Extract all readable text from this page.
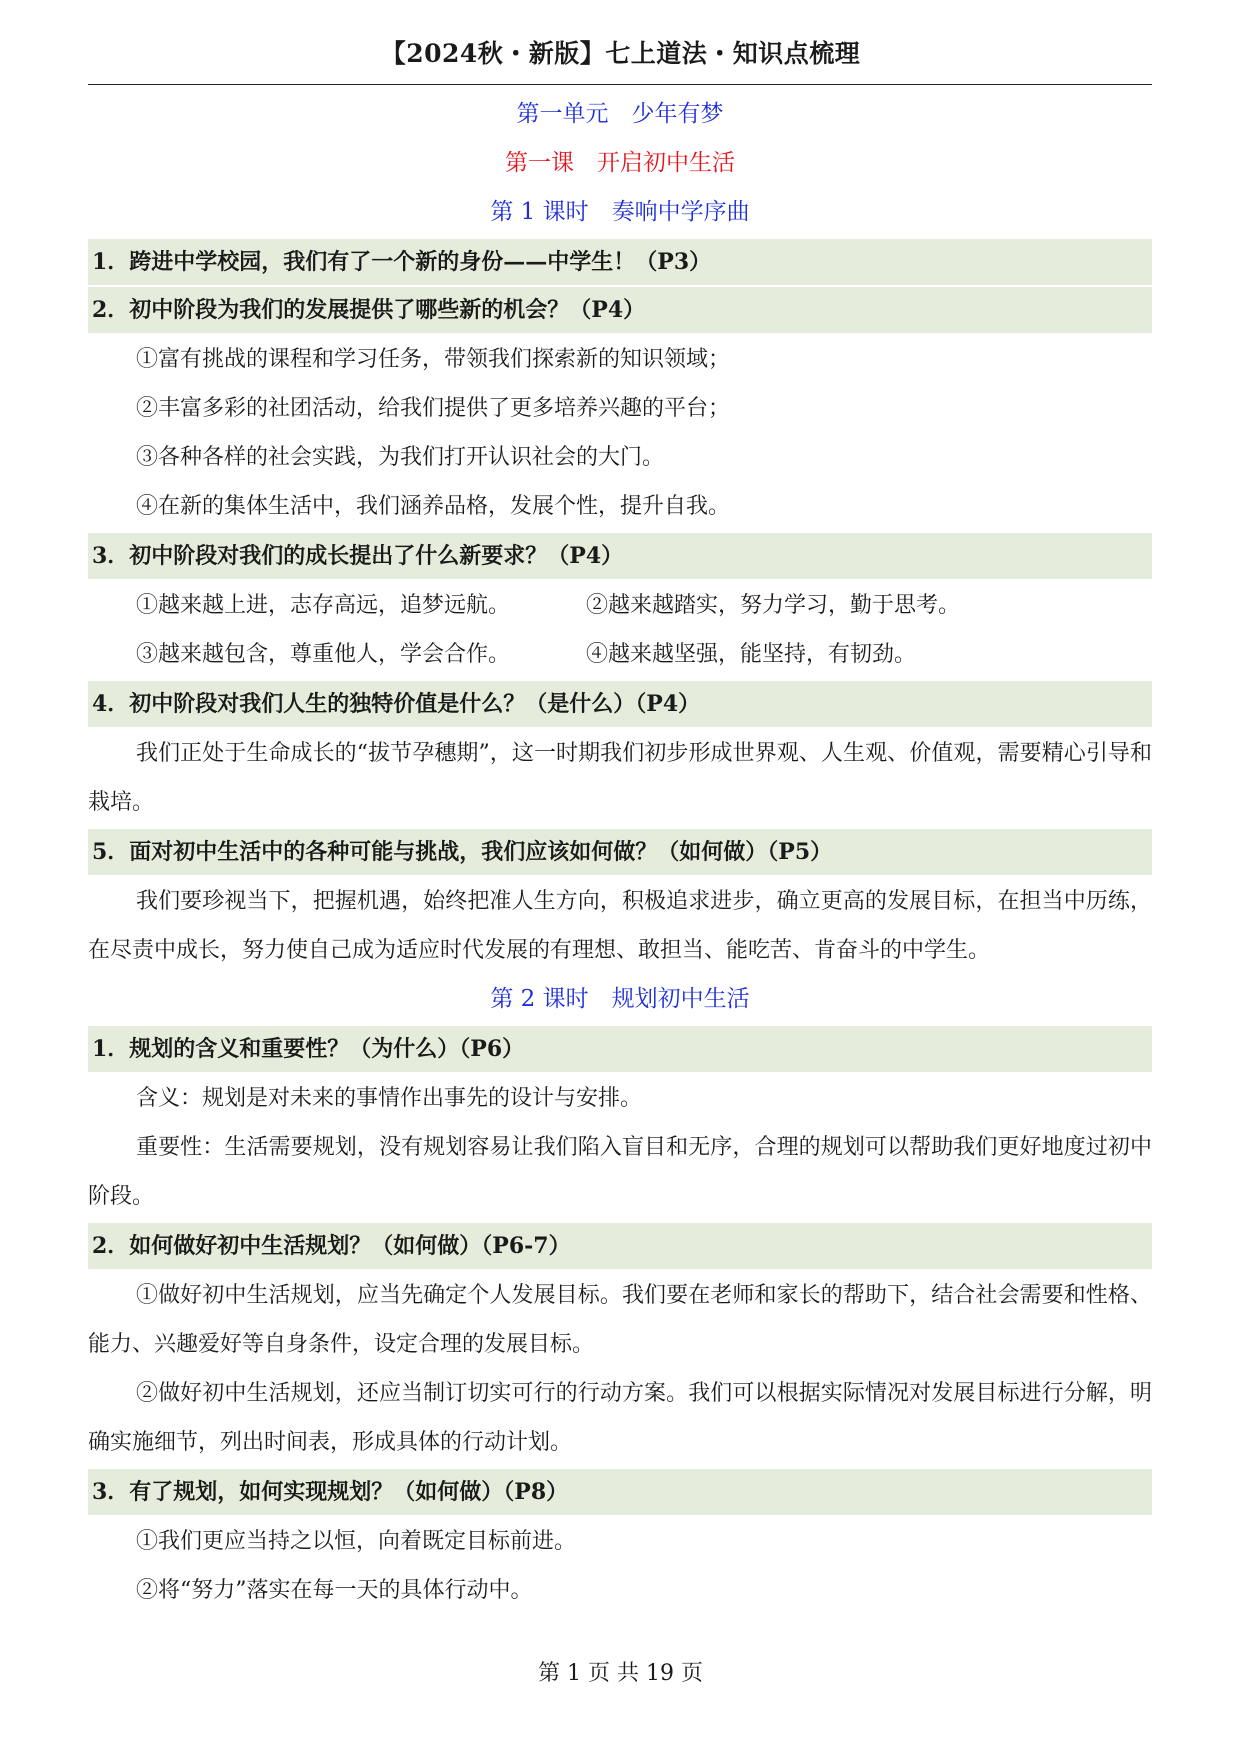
【2024秋・新版】七上道法・知识点梳理
第一单元　少年有梦
第一课　开启初中生活
第 1 课时　奏响中学序曲
1．跨进中学校园，我们有了一个新的身份——中学生！（P3）
2．初中阶段为我们的发展提供了哪些新的机会？（P4）

①富有挑战的课程和学习任务，带领我们探索新的知识领域；

②丰富多彩的社团活动，给我们提供了更多培养兴趣的平台；

③各种各样的社会实践，为我们打开认识社会的大门。

④在新的集体生活中，我们涵养品格，发展个性，提升自我。

3．初中阶段对我们的成长提出了什么新要求？（P4）
①越来越上进，志存高远，追梦远航。	②越来越踏实，努力学习，勤于思考。
③越来越包含，尊重他人，学会合作。	④越来越坚强，能坚持，有韧劲。
4．初中阶段对我们人生的独特价值是什么？（是什么）（P4）

我们正处于生命成长的“拔节孕穗期”，这一时期我们初步形成世界观、人生观、价值观，需要精心引导和栽培。

5．面对初中生活中的各种可能与挑战，我们应该如何做？（如何做）（P5）

我们要珍视当下，把握机遇，始终把准人生方向，积极追求进步，确立更高的发展目标，在担当中历练，在尽责中成长，努力使自己成为适应时代发展的有理想、敢担当、能吃苦、肯奋斗的中学生。

第 2 课时　规划初中生活
1．规划的含义和重要性？（为什么）（P6）

含义：规划是对未来的事情作出事先的设计与安排。

重要性：生活需要规划，没有规划容易让我们陷入盲目和无序，合理的规划可以帮助我们更好地度过初中阶段。

2．如何做好初中生活规划？（如何做）（P6-7）

①做好初中生活规划，应当先确定个人发展目标。我们要在老师和家长的帮助下，结合社会需要和性格、能力、兴趣爱好等自身条件，设定合理的发展目标。

②做好初中生活规划，还应当制订切实可行的行动方案。我们可以根据实际情况对发展目标进行分解，明确实施细节，列出时间表，形成具体的行动计划。

3．有了规划，如何实现规划？（如何做）（P8）

①我们更应当持之以恒，向着既定目标前进。

②将“努力”落实在每一天的具体行动中。

第 1 页 共 19 页
